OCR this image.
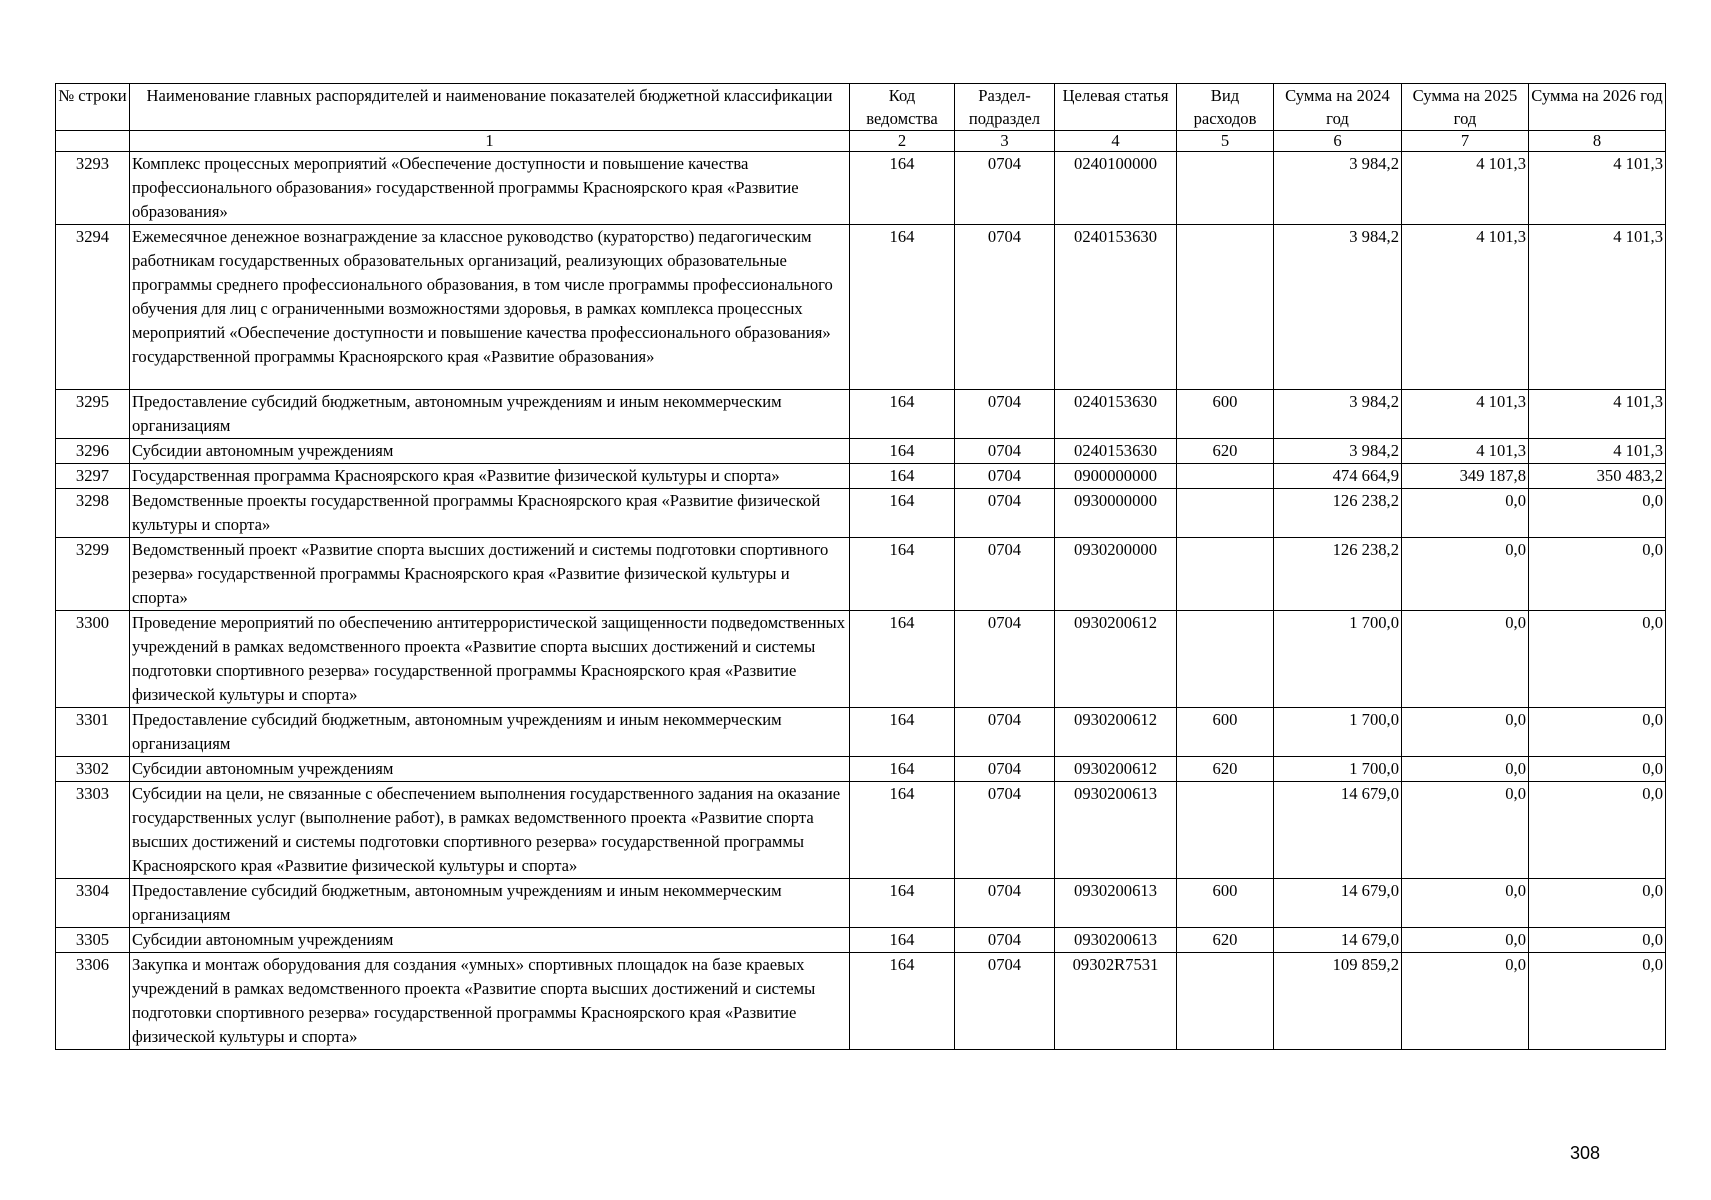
№ строки	Наименование главных распорядителей и наименование показателей бюджетной классификации	Код ведомства	Раздел-подраздел	Целевая статья	Вид расходов	Сумма на 2024 год	Сумма на 2025 год	Сумма на 2026 год
	1	2	3	4	5	6	7	8
3293	Комплекс процессных мероприятий «Обеспечение доступности и повышение качества профессионального образования» государственной программы Красноярского края «Развитие образования»	164	0704	0240100000		3 984,2	4 101,3	4 101,3
3294	Ежемесячное денежное вознаграждение за классное руководство (кураторство) педагогическим работникам государственных образовательных организаций, реализующих образовательные программы среднего профессионального образования, в том числе программы профессионального обучения для лиц с ограниченными возможностями здоровья, в рамках комплекса процессных мероприятий «Обеспечение доступности и повышение качества профессионального образования» государственной программы Красноярского края «Развитие образования»	164	0704	0240153630		3 984,2	4 101,3	4 101,3
3295	Предоставление субсидий бюджетным, автономным учреждениям и иным некоммерческим организациям	164	0704	0240153630	600	3 984,2	4 101,3	4 101,3
3296	Субсидии автономным учреждениям	164	0704	0240153630	620	3 984,2	4 101,3	4 101,3
3297	Государственная программа Красноярского края «Развитие физической культуры и спорта»	164	0704	0900000000		474 664,9	349 187,8	350 483,2
3298	Ведомственные проекты государственной программы Красноярского края «Развитие физической культуры и спорта»	164	0704	0930000000		126 238,2	0,0	0,0
3299	Ведомственный проект «Развитие спорта высших достижений и системы подготовки спортивного резерва» государственной программы Красноярского края «Развитие физической культуры и спорта»	164	0704	0930200000		126 238,2	0,0	0,0
3300	Проведение мероприятий по обеспечению антитеррористической защищенности подведомственных учреждений в рамках ведомственного проекта «Развитие спорта высших достижений и системы подготовки спортивного резерва» государственной программы Красноярского края «Развитие физической культуры и спорта»	164	0704	0930200612		1 700,0	0,0	0,0
3301	Предоставление субсидий бюджетным, автономным учреждениям и иным некоммерческим организациям	164	0704	0930200612	600	1 700,0	0,0	0,0
3302	Субсидии автономным учреждениям	164	0704	0930200612	620	1 700,0	0,0	0,0
3303	Субсидии на цели, не связанные с обеспечением выполнения государственного задания на оказание государственных услуг (выполнение работ), в рамках ведомственного проекта «Развитие спорта высших достижений и системы подготовки спортивного резерва» государственной программы Красноярского края «Развитие физической культуры и спорта»	164	0704	0930200613		14 679,0	0,0	0,0
3304	Предоставление субсидий бюджетным, автономным учреждениям и иным некоммерческим организациям	164	0704	0930200613	600	14 679,0	0,0	0,0
3305	Субсидии автономным учреждениям	164	0704	0930200613	620	14 679,0	0,0	0,0
3306	Закупка и монтаж оборудования для создания «умных» спортивных площадок на базе краевых учреждений в рамках ведомственного проекта «Развитие спорта высших достижений и системы подготовки спортивного резерва» государственной программы Красноярского края «Развитие физической культуры и спорта»	164	0704	09302R7531		109 859,2	0,0	0,0
308
